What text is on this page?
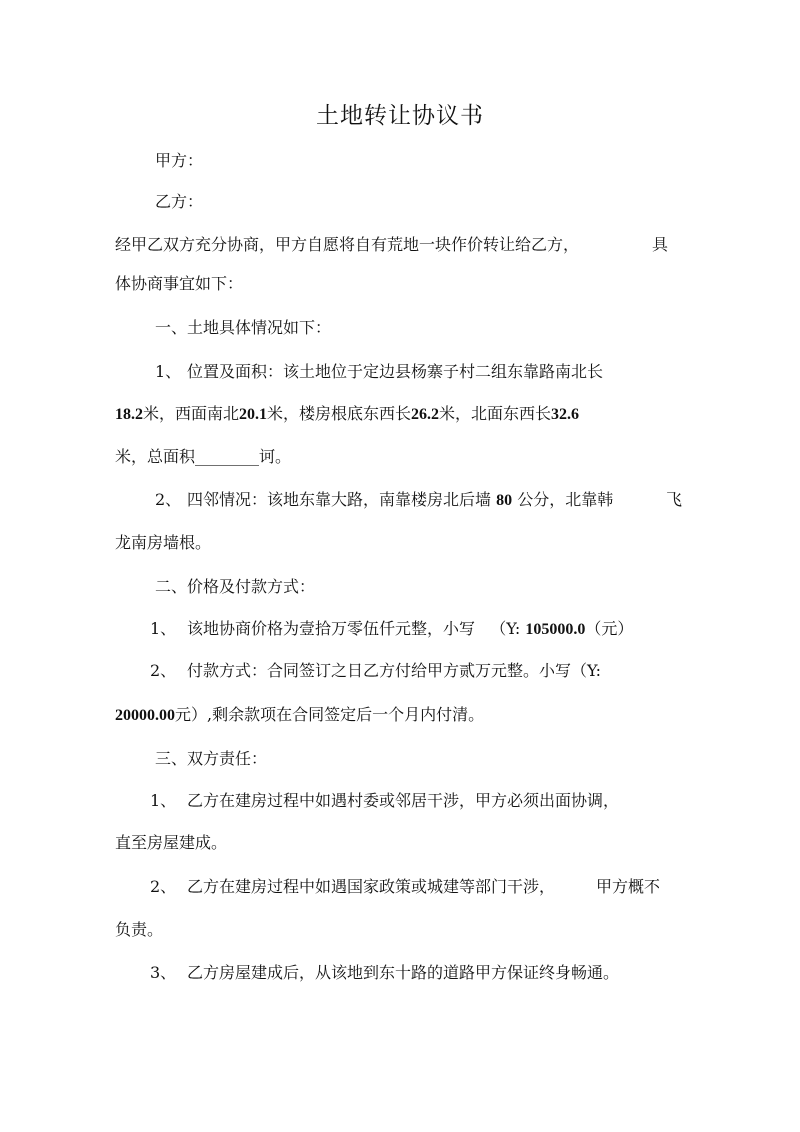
土地转让协议书
甲方：
乙方：
经甲乙双方充分协商，甲方自愿将自有荒地一块作价转让给乙方，	具
体协商事宜如下：
一、土地具体情况如下：
1、 位置及面积：该土地位于定边县杨寨子村二组东靠路南北长
18.2米，西面南北20.1米，楼房根底东西长26.2米，北面东西长32.6
米，总面积________诃。
2、 四邻情况：该地东靠大路，南靠楼房北后墙 80 公分，北靠韩	飞
龙南房墙根。
二、价格及付款方式：
1、 该地协商价格为壹拾万零伍仟元整，小写 （Y: 105000.0（元）
2、 付款方式：合同签订之日乙方付给甲方贰万元整。小写（Y:
20000.00元）,剩余款项在合同签定后一个月内付清。
三、双方责任：
1、 乙方在建房过程中如遇村委或邻居干涉，甲方必须出面协调，
直至房屋建成。
2、 乙方在建房过程中如遇国家政策或城建等部门干涉，	甲方概不
负责。
3、 乙方房屋建成后，从该地到东十路的道路甲方保证终身畅通。
